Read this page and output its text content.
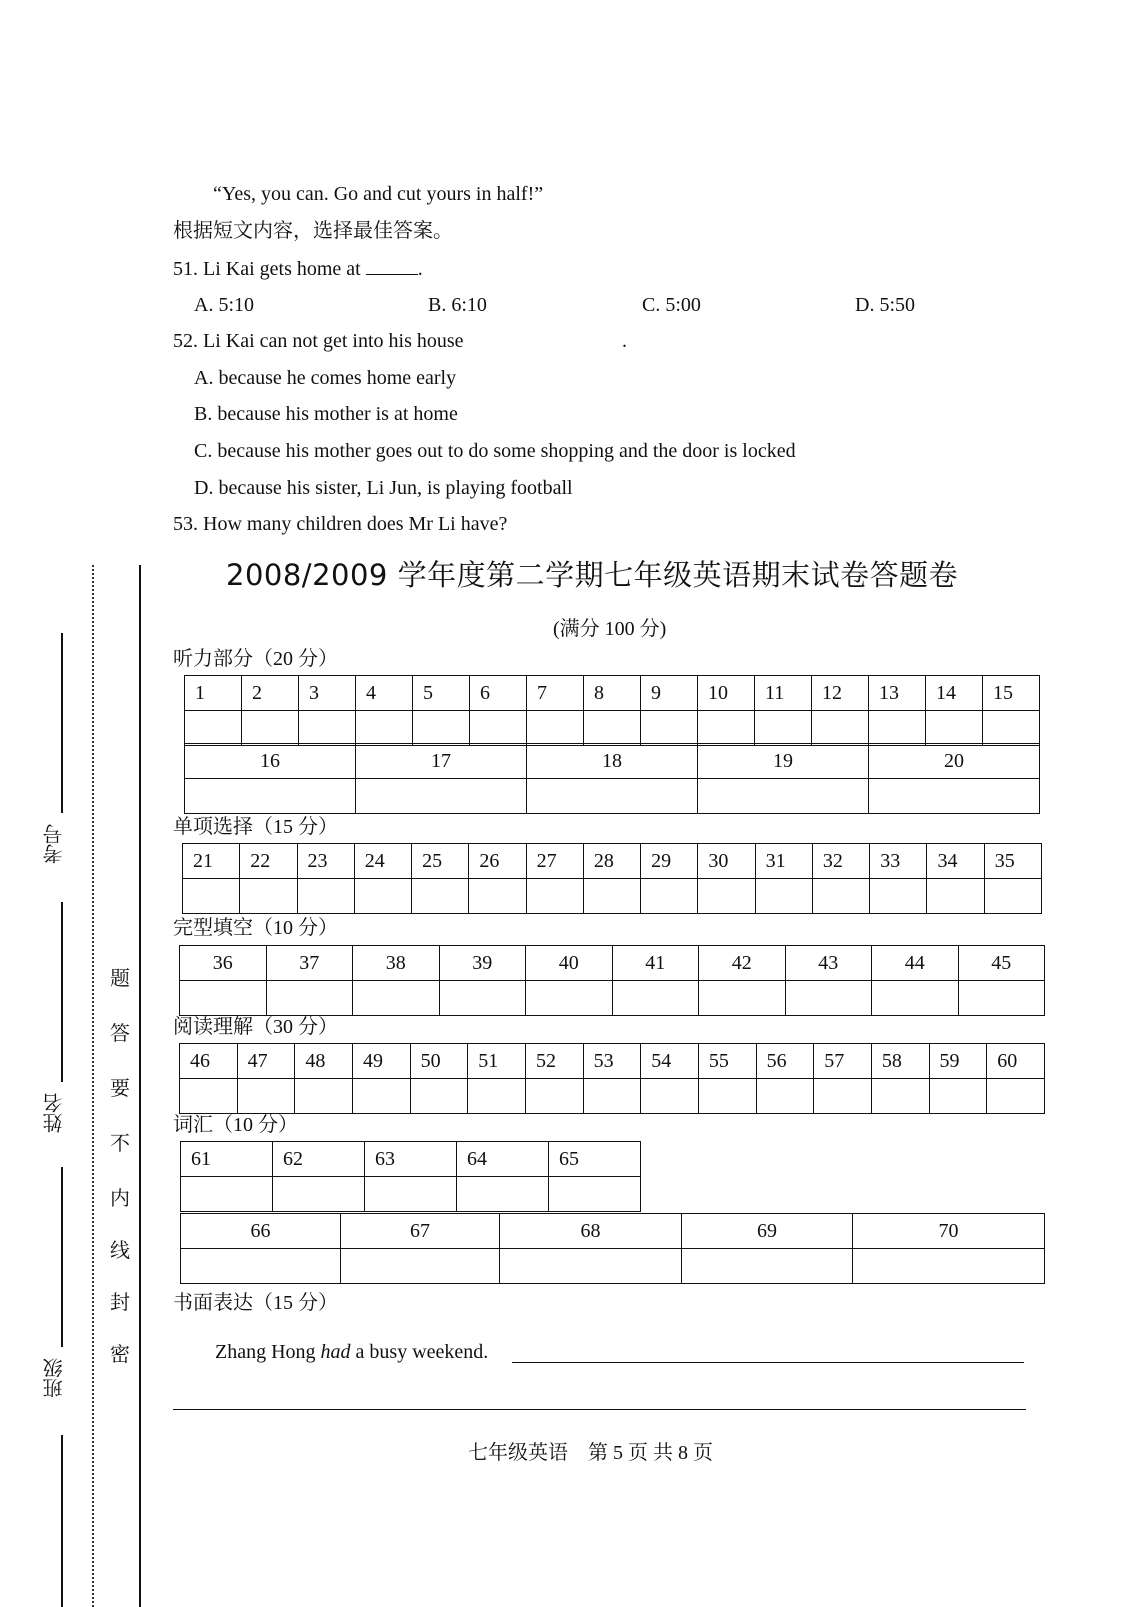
“Yes, you can. Go and cut yours in half!”
根据短文内容，选择最佳答案。
51. Li Kai gets home at	.
A. 5:10	B. 6:10	C. 5:00	D. 5:50
52. Li Kai can not get into his house	.
A. because he comes home early
B. because his mother is at home
C. because his mother goes out to do some shopping and the door is locked
D. because his sister, Li Jun, is playing football
53. How many children does Mr Li have?
考号
姓名
班级
题
答
要
不
内
线
封
密
2008/2009 学年度第二学期七年级英语期末试卷答题卷
(满分 100 分)
听力部分（20 分）
1	2	3	4	5	6	7	8	9	10	11	12	13	14	15

16	17	18	19	20

单项选择（15 分）
21	22	23	24	25	26	27	28	29	30	31	32	33	34	35

完型填空（10 分）
36	37	38	39	40	41	42	43	44	45

阅读理解（30 分）
46	47	48	49	50	51	52	53	54	55	56	57	58	59	60

词汇（10 分）
61	62	63	64	65

66	67	68	69	70

书面表达（15 分）
Zhang Hong had a busy weekend.
七年级英语　第 5 页 共 8 页
